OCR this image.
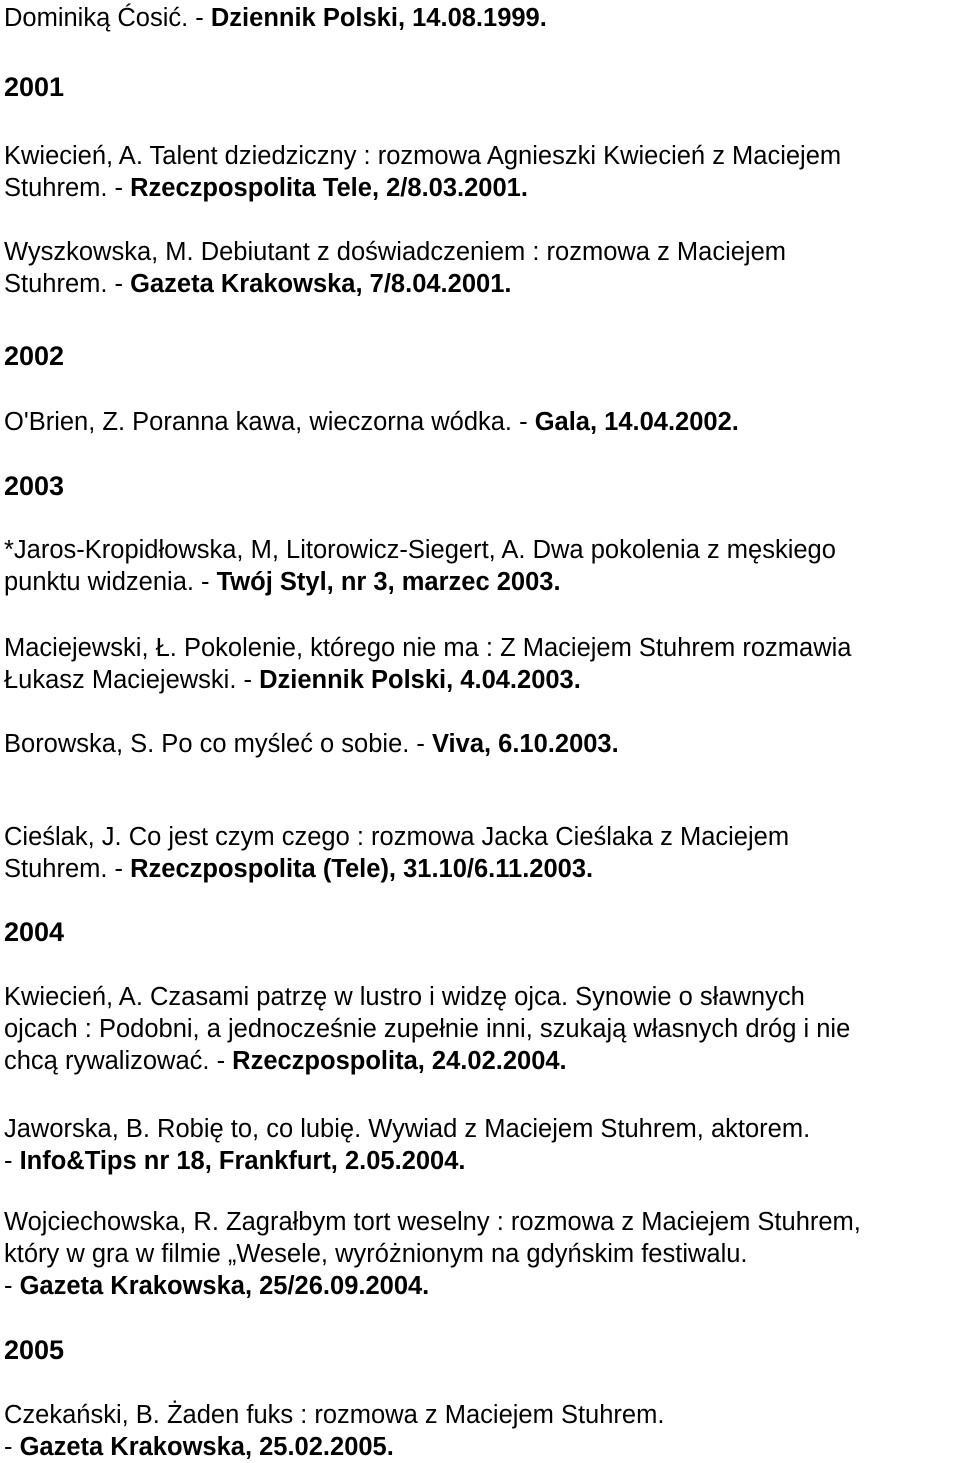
Dominiką Ćosić. - Dziennik Polski, 14.08.1999.

2001

Kwiecień, A. Talent dziedziczny : rozmowa Agnieszki Kwiecień z Maciejem
Stuhrem. - Rzeczpospolita Tele, 2/8.03.2001.

Wyszkowska, M. Debiutant z doświadczeniem : rozmowa z Maciejem
Stuhrem. - Gazeta Krakowska, 7/8.04.2001.

2002

O'Brien, Z. Poranna kawa, wieczorna wódka. - Gala, 14.04.2002.

2003

*Jaros-Kropidłowska, M, Litorowicz-Siegert, A. Dwa pokolenia z męskiego
punktu widzenia. - Twój Styl, nr 3, marzec 2003.

Maciejewski, Ł. Pokolenie, którego nie ma : Z Maciejem Stuhrem rozmawia
Łukasz Maciejewski. - Dziennik Polski, 4.04.2003.

Borowska, S. Po co myśleć o sobie. - Viva, 6.10.2003.

Cieślak, J. Co jest czym czego : rozmowa Jacka Cieślaka z Maciejem
Stuhrem. - Rzeczpospolita (Tele), 31.10/6.11.2003.

2004

Kwiecień, A. Czasami patrzę w lustro i widzę ojca. Synowie o sławnych
ojcach : Podobni, a jednocześnie zupełnie inni, szukają własnych dróg i nie
chcą rywalizować. - Rzeczpospolita, 24.02.2004.

Jaworska, B. Robię to, co lubię. Wywiad z Maciejem Stuhrem, aktorem.
- Info&Tips nr 18, Frankfurt, 2.05.2004.

Wojciechowska, R. Zagrałbym tort weselny : rozmowa z Maciejem Stuhrem,
który w gra w filmie „Wesele, wyróżnionym na gdyńskim festiwalu.
- Gazeta Krakowska, 25/26.09.2004.

2005

Czekański, B. Żaden fuks : rozmowa z Maciejem Stuhrem.
- Gazeta Krakowska, 25.02.2005.
